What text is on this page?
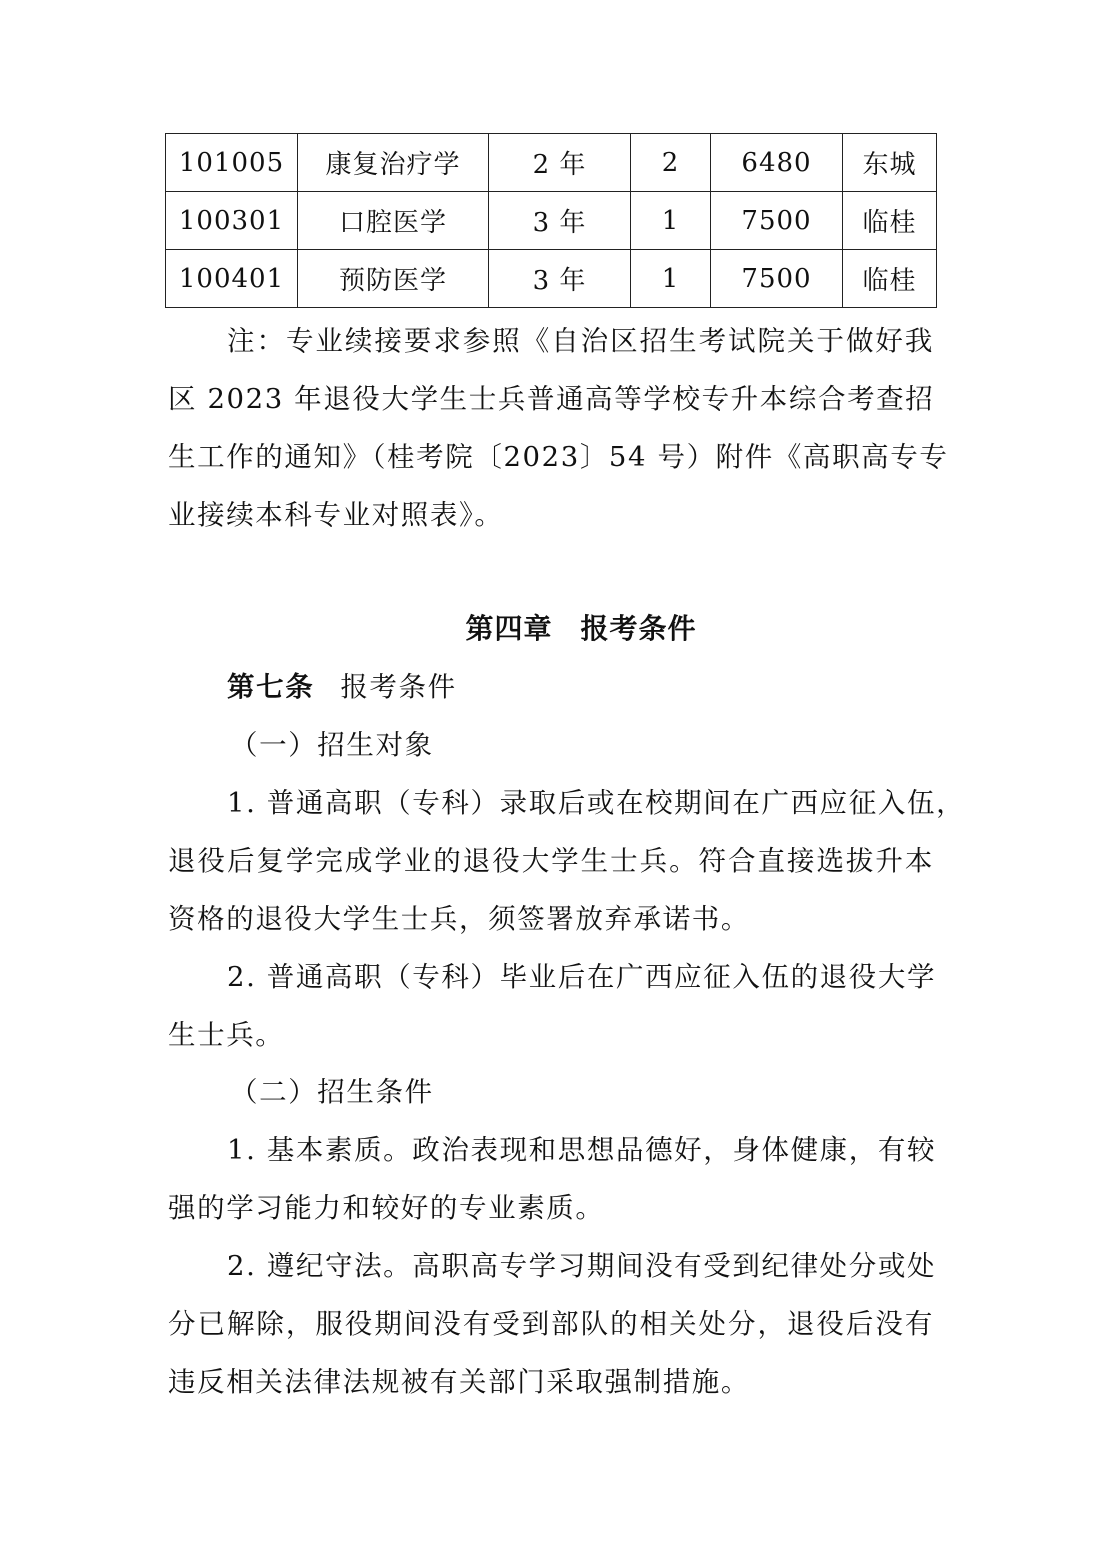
101005	康复治疗学	2 年	2	6480	东城
100301	口腔医学	3 年	1	7500	临桂
100401	预防医学	3 年	1	7500	临桂
注：专业续接要求参照《自治区招生考试院关于做好我
区 2023 年退役大学生士兵普通高等学校专升本综合考查招
生工作的通知》（桂考院〔2023〕54 号）附件《高职高专专
业接续本科专业对照表》。
第四章 报考条件
第七条 报考条件
（一）招生对象
1. 普通高职（专科）录取后或在校期间在广西应征入伍，
退役后复学完成学业的退役大学生士兵。符合直接选拔升本
资格的退役大学生士兵，须签署放弃承诺书。
2. 普通高职（专科）毕业后在广西应征入伍的退役大学
生士兵。
（二）招生条件
1. 基本素质。政治表现和思想品德好，身体健康，有较
强的学习能力和较好的专业素质。
2. 遵纪守法。高职高专学习期间没有受到纪律处分或处
分已解除，服役期间没有受到部队的相关处分，退役后没有
违反相关法律法规被有关部门采取强制措施。
